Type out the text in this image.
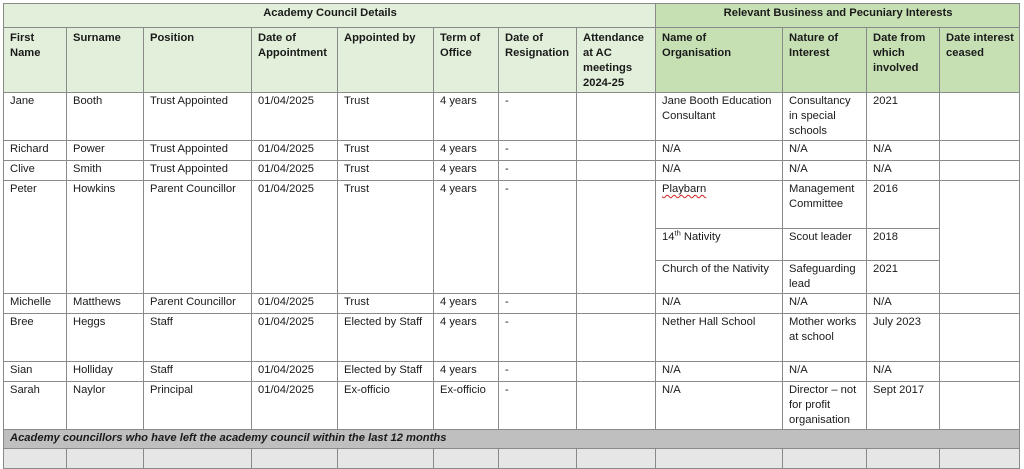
Academy Council Details								Relevant Business and Pecuniary Interests			
First Name	Surname	Position	Date of Appointment	Appointed by	Term of Office	Date of Resignation	Attendance at AC meetings 2024-25	Name of Organisation	Nature of Interest	Date from which involved	Date interest ceased
Jane	Booth	Trust Appointed	01/04/2025	Trust	4 years	-		Jane Booth Education Consultant	Consultancy in special schools	2021	
Richard	Power	Trust Appointed	01/04/2025	Trust	4 years	-		N/A	N/A	N/A	
Clive	Smith	Trust Appointed	01/04/2025	Trust	4 years	-		N/A	N/A	N/A	
Peter	Howkins	Parent Councillor	01/04/2025	Trust	4 years	-		Playbarn	Management Committee	2016	
								14th Nativity	Scout leader	2018	
								Church of the Nativity	Safeguarding lead	2021	
Michelle	Matthews	Parent Councillor	01/04/2025	Trust	4 years	-		N/A	N/A	N/A	
Bree	Heggs	Staff	01/04/2025	Elected by Staff	4 years	-		Nether Hall School	Mother works at school	July 2023	
Sian	Holliday	Staff	01/04/2025	Elected by Staff	4 years	-		N/A	N/A	N/A	
Sarah	Naylor	Principal	01/04/2025	Ex-officio	Ex-officio	-		N/A	Director – not for profit organisation	Sept 2017	
Academy councillors who have left the academy council within the last 12 months											
